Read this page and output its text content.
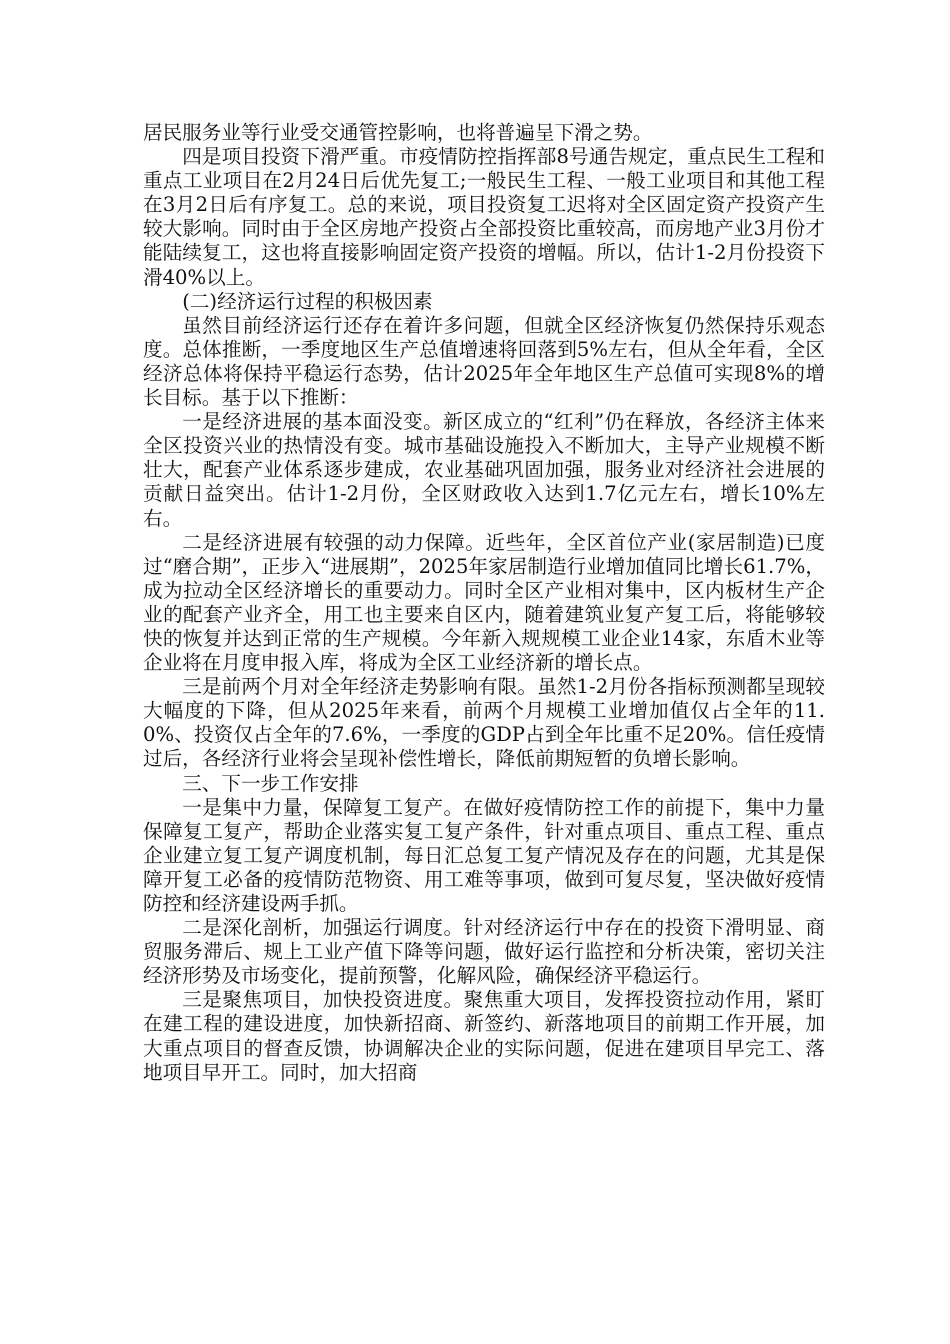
居民服务业等行业受交通管控影响，也将普遍呈下滑之势。

四是项目投资下滑严重。市疫情防控指挥部8号通告规定，重点民生工程和重点工业项目在2月24日后优先复工;一般民生工程、一般工业项目和其他工程在3月2日后有序复工。总的来说，项目投资复工迟将对全区固定资产投资产生较大影响。同时由于全区房地产投资占全部投资比重较高，而房地产业3月份才能陆续复工，这也将直接影响固定资产投资的增幅。所以，估计1-2月份投资下滑40%以上。

(二)经济运行过程的积极因素

虽然目前经济运行还存在着许多问题，但就全区经济恢复仍然保持乐观态度。总体推断，一季度地区生产总值增速将回落到5%左右，但从全年看，全区经济总体将保持平稳运行态势，估计2025年全年地区生产总值可实现8%的增长目标。基于以下推断：

一是经济进展的基本面没变。新区成立的“红利”仍在释放，各经济主体来全区投资兴业的热情没有变。城市基础设施投入不断加大，主导产业规模不断壮大，配套产业体系逐步建成，农业基础巩固加强，服务业对经济社会进展的贡献日益突出。估计1-2月份，全区财政收入达到1.7亿元左右，增长10%左右。

二是经济进展有较强的动力保障。近些年，全区首位产业(家居制造)已度过“磨合期”，正步入“进展期”，2025年家居制造行业增加值同比增长61.7%，成为拉动全区经济增长的重要动力。同时全区产业相对集中，区内板材生产企业的配套产业齐全，用工也主要来自区内，随着建筑业复产复工后，将能够较快的恢复并达到正常的生产规模。今年新入规规模工业企业14家，东盾木业等企业将在月度申报入库，将成为全区工业经济新的增长点。

三是前两个月对全年经济走势影响有限。虽然1-2月份各指标预测都呈现较大幅度的下降，但从2025年来看，前两个月规模工业增加值仅占全年的11.0%、投资仅占全年的7.6%，一季度的GDP占到全年比重不足20%。信任疫情过后，各经济行业将会呈现补偿性增长，降低前期短暂的负增长影响。

三、下一步工作安排

一是集中力量，保障复工复产。在做好疫情防控工作的前提下，集中力量保障复工复产，帮助企业落实复工复产条件，针对重点项目、重点工程、重点企业建立复工复产调度机制，每日汇总复工复产情况及存在的问题，尤其是保障开复工必备的疫情防范物资、用工难等事项，做到可复尽复，坚决做好疫情防控和经济建设两手抓。

二是深化剖析，加强运行调度。针对经济运行中存在的投资下滑明显、商贸服务滞后、规上工业产值下降等问题，做好运行监控和分析决策，密切关注经济形势及市场变化，提前预警，化解风险，确保经济平稳运行。

三是聚焦项目，加快投资进度。聚焦重大项目，发挥投资拉动作用，紧盯在建工程的建设进度，加快新招商、新签约、新落地项目的前期工作开展，加大重点项目的督查反馈，协调解决企业的实际问题，促进在建项目早完工、落地项目早开工。同时，加大招商
